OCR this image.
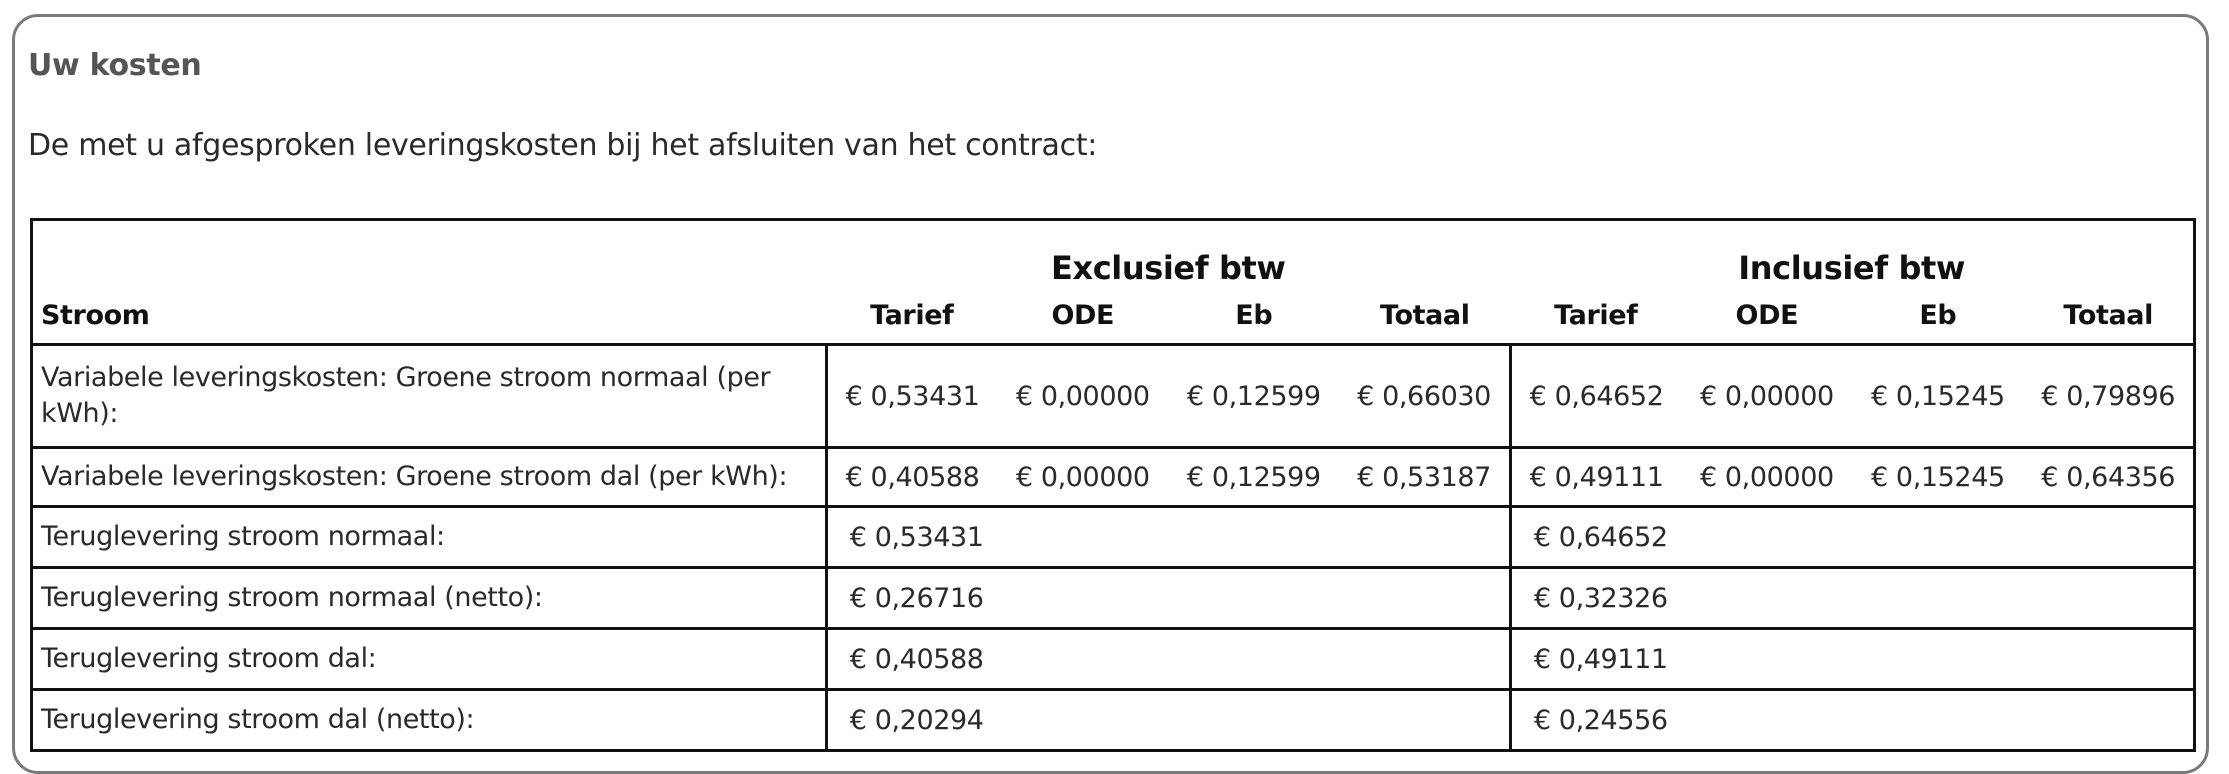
Uw kosten
De met u afgesproken leveringskosten bij het afsluiten van het contract:
	Exclusief btw				Inclusief btw			
Stroom	Tarief	ODE	Eb	Totaal	Tarief	ODE	Eb	Totaal
Variabele leveringskosten: Groene stroom normaal (per kWh):	€ 0,53431	€ 0,00000	€ 0,12599	€ 0,66030	€ 0,64652	€ 0,00000	€ 0,15245	€ 0,79896
Variabele leveringskosten: Groene stroom dal (per kWh):	€ 0,40588	€ 0,00000	€ 0,12599	€ 0,53187	€ 0,49111	€ 0,00000	€ 0,15245	€ 0,64356
Teruglevering stroom normaal:	€ 0,53431				€ 0,64652			
Teruglevering stroom normaal (netto):	€ 0,26716				€ 0,32326			
Teruglevering stroom dal:	€ 0,40588				€ 0,49111			
Teruglevering stroom dal (netto):	€ 0,20294				€ 0,24556			
